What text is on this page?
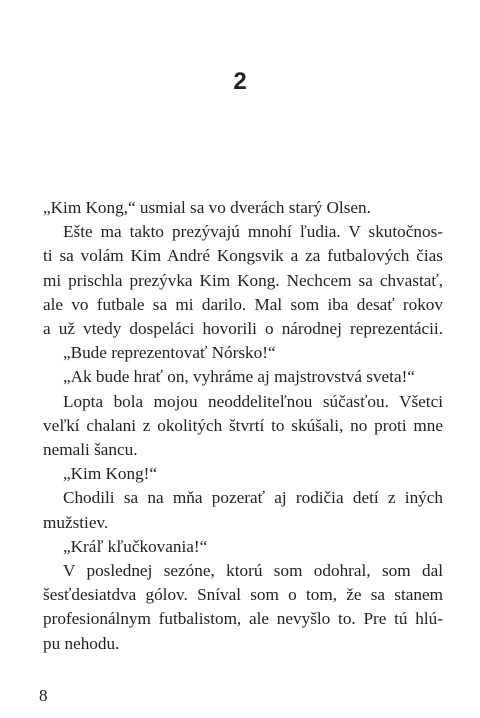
2
„Kim Kong,“ usmial sa vo dverách starý Olsen.
Ešte ma takto prezývajú mnohí ľudia. V skutočnos-
ti sa volám Kim André Kongsvik a za futbalových čias
mi prischla prezývka Kim Kong. Nechcem sa chvastať,
ale vo futbale sa mi darilo. Mal som iba desať rokov
a už vtedy dospeláci hovorili o národnej reprezentácii.
„Bude reprezentovať Nórsko!“
„Ak bude hrať on, vyhráme aj majstrovstvá sveta!“
Lopta bola mojou neoddeliteľnou súčasťou. Všetci
veľkí chalani z okolitých štvrtí to skúšali, no proti mne
nemali šancu.
„Kim Kong!“
Chodili sa na mňa pozerať aj rodičia detí z iných
mužstiev.
„Kráľ kľučkovania!“
V poslednej sezóne, ktorú som odohral, som dal
šesťdesiatdva gólov. Sníval som o tom, že sa stanem
profesionálnym futbalistom, ale nevyšlo to. Pre tú hlú-
pu nehodu.
8
